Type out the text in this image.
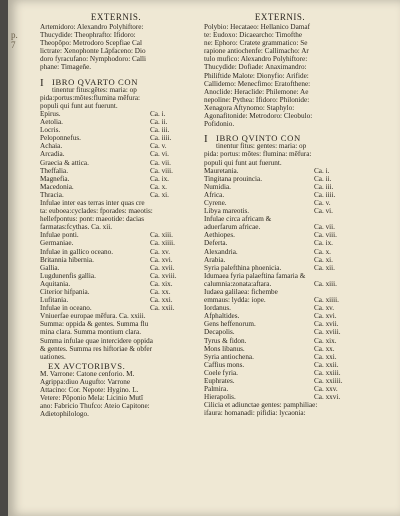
p. 7
EXTERNIS.
Artemidoro: Alexandro Polyhiftore:
Thucydide: Theophrafto: Ifidoro:
Theopõpo: Metrodoro Scepfiae Cal
lictrate: Xenophonte Lãpfaceno: Dio
doro fyracufano: Nymphodoro: Calli
phane: Timageñe.
I IBRO QVARTO CON
tinentur fitus:gētes: maria: op
pida:portus:mōtes:flumina mēfura:
populi qui funt aut fuerunt.
Epirus.	Ca. i.
Aetolia.	Ca. ii.
Locris.	Ca. iii.
Peloponnefus.	Ca. iiii.
Achaia.	Ca. v.
Arcadia.	Ca. vi.
Graecia & attica.	Ca. vii.
Theffalia.	Ca. viii.
Magnefia.	Ca. ix.
Macedonia.	Ca. x.
Thracia.	Ca. xi.
Infulae inter eas terras inter quas cre
ta: euboea:cyclades: fporades: maeotis:
hellefpontus: pont: maeotide: dacias
farmatas:fcythas. Ca. xii.
Infulae ponti.	Ca. xiii.
Germaniae.	Ca. xiiii.
Infulae in gallico oceano.	Ca. xv.
Britannia hibernia.	Ca. xvi.
Gallia.	Ca. xvii.
Lugdunenfis gallia.	Ca. xviii.
Aquitania.	Ca. xix.
Citerior hifpania.	Ca. xx.
Lufitania.	Ca. xxi.
Infulae in oceano.	Ca. xxii.
Vniuerfae europae mēfura. Ca. xxiii.
Summa: oppida & gentes. Summa flu
mina clara. Summa montium clara.
Summa infulae quae intercidere oppida
& gentes. Summa res hiftoriae & obfer
uationes.
EX AVCTORIBVS.
M. Varrone: Catone cenforio. M.
Agrippa:diuo Augufto: Varrone
Attacino: Cor. Nepote: Hygino. L.
Vetere: Pōponio Mela: Licinio Mutī
ano: Fabricio Thufco: Ateio Capitone:
Adietophilologo.
EXTERNIS.
Polybio: Hecataeo: Hellanico Damaf
te: Eudoxo: Dicaearcho: Timofthe
ne: Ephoro: Cratete grammatico: Se
rapione antiochenfe: Callimacho: Ar
tulo mufico: Alexandro Polyhiftore:
Thucydide: Dofiade: Anaximandro:
Philiftide Malote: Dionyfio: Arifide:
Callidemo: Menecfimo: Eratofthene:
Anoclide: Heraclide: Philemone: Ae
nepoline: Pythea: Ifidoro: Philonide:
Xenagora Aftynomo: Staphylo:
Agonafitonide: Metrodoro: Cleobulo:
Pofidonio.
I IBRO QVINTO CON
tinentur fitus: gentes: maria: op
pida: portus: mōtes: flumina: mēfura:
populi qui funt aut fuerunt.
Mauretania.	Ca. i.
Tingitana prouincia.	Ca. ii.
Numidia.	Ca. iii.
Africa.	Ca. iiii.
Cyrene.	Ca. v.
Libya mareotis.	Ca. vi.
Infulae circa africam &
aduerfarum africae.	Ca. vii.
Aethiopes.	Ca. viii.
Deferta.	Ca. ix.
Alexandria.	Ca. x.
Arabia.	Ca. xi.
Syria palefthina phoenicia.	Ca. xii.
Idumaea fyria palaeftina famaria &
calumnia:zonata:aftara.	Ca. xiii.
Iudaea galilaea: fichembe
emmaus: lydda: iope.	Ca. xiiii.
Iordanus.	Ca. xv.
Afphaltides.	Ca. xvi.
Gens heffenorum.	Ca. xvii.
Decapolis.	Ca. xviii.
Tyrus & fidon.	Ca. xix.
Mons libanus.	Ca. xx.
Syria antiochena.	Ca. xxi.
Caffius mons.	Ca. xxii.
Coele fyria.	Ca. xxiii.
Euphrates.	Ca. xxiiii.
Palmira.	Ca. xxv.
Hierapolis.	Ca. xxvi.
Cilicia et adiunctae gentes: pamphiliae:
ifaura: homanadi: pifidia: lycaonia:
